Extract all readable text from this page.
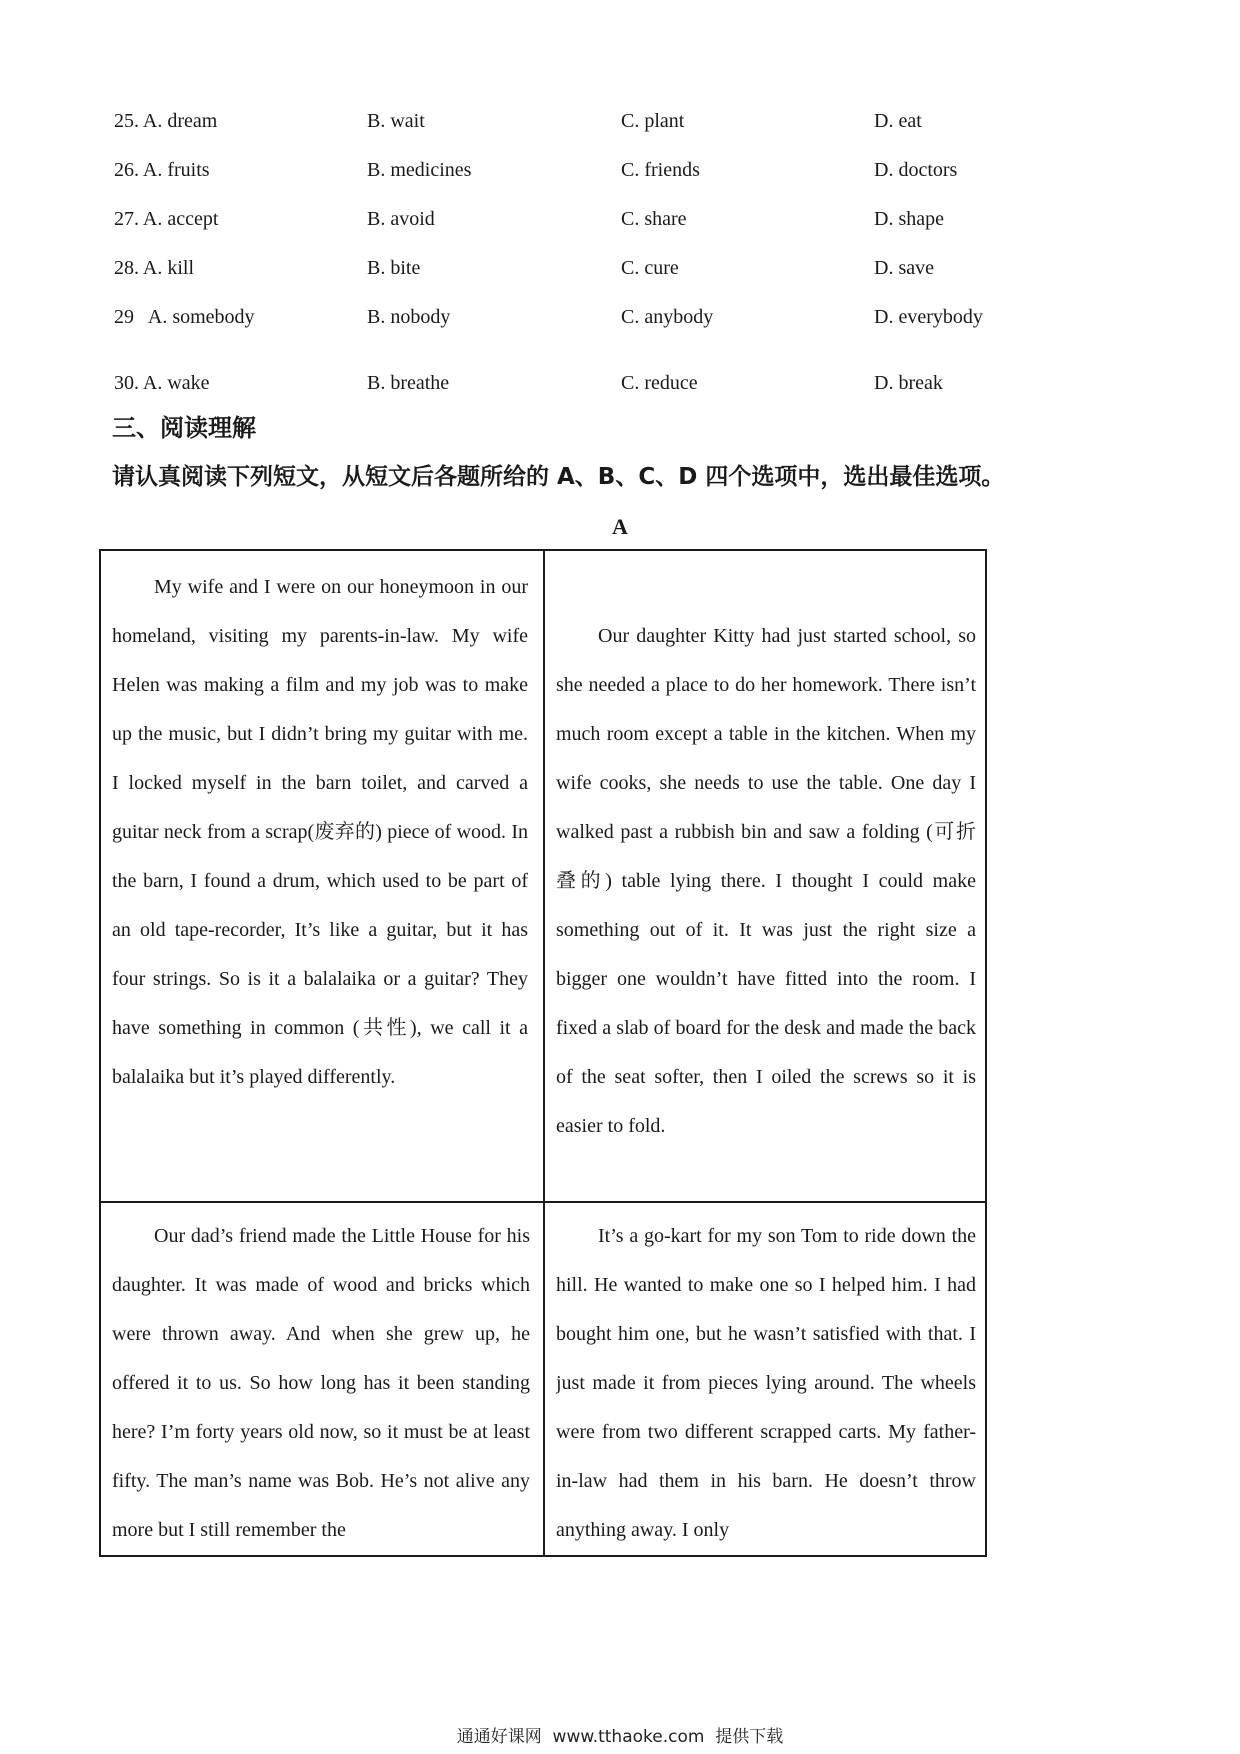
25. A. dream	B. wait	C. plant	D. eat
26. A. fruits	B. medicines	C. friends	D. doctors
27. A. accept	B. avoid	C. share	D. shape
28. A. kill	B. bite	C. cure	D. save
29   A. somebody	B. nobody	C. anybody	D. everybody
30. A. wake	B. breathe	C. reduce	D. break
三、阅读理解
请认真阅读下列短文，从短文后各题所给的 A、B、C、D 四个选项中，选出最佳选项。
A
My wife and I were on our honeymoon in our homeland, visiting my parents-in-law. My wife Helen was making a film and my job was to make up the music, but I didn’t bring my guitar with me. I locked myself in the barn toilet, and carved a guitar neck from a scrap(废弃的) piece of wood. In the barn, I found a drum, which used to be part of an old tape-recorder, It’s like a guitar, but it has four strings. So is it a balalaika or a guitar? They have something in common (共性), we call it a balalaika but it’s played differently.
Our daughter Kitty had just started school, so she needed a place to do her homework. There isn’t much room except a table in the kitchen. When my wife cooks, she needs to use the table. One day I walked past a rubbish bin and saw a folding (可折叠的) table lying there. I thought I could make something out of it. It was just the right size a bigger one wouldn’t have fitted into the room. I fixed a slab of board for the desk and made the back of the seat softer, then I oiled the screws so it is easier to fold.
Our dad’s friend made the Little House for his daughter. It was made of wood and bricks which were thrown away. And when she grew up, he offered it to us. So how long has it been standing here? I’m forty years old now, so it must be at least fifty. The man’s name was Bob. He’s not alive any more but I still remember the
It’s a go-kart for my son Tom to ride down the hill. He wanted to make one so I helped him. I had bought him one, but he wasn’t satisfied with that. I just made it from pieces lying around. The wheels were from two different scrapped carts. My father-in-law had them in his barn. He doesn’t throw anything away. I only
通通好课网  www.tthaoke.com  提供下载
